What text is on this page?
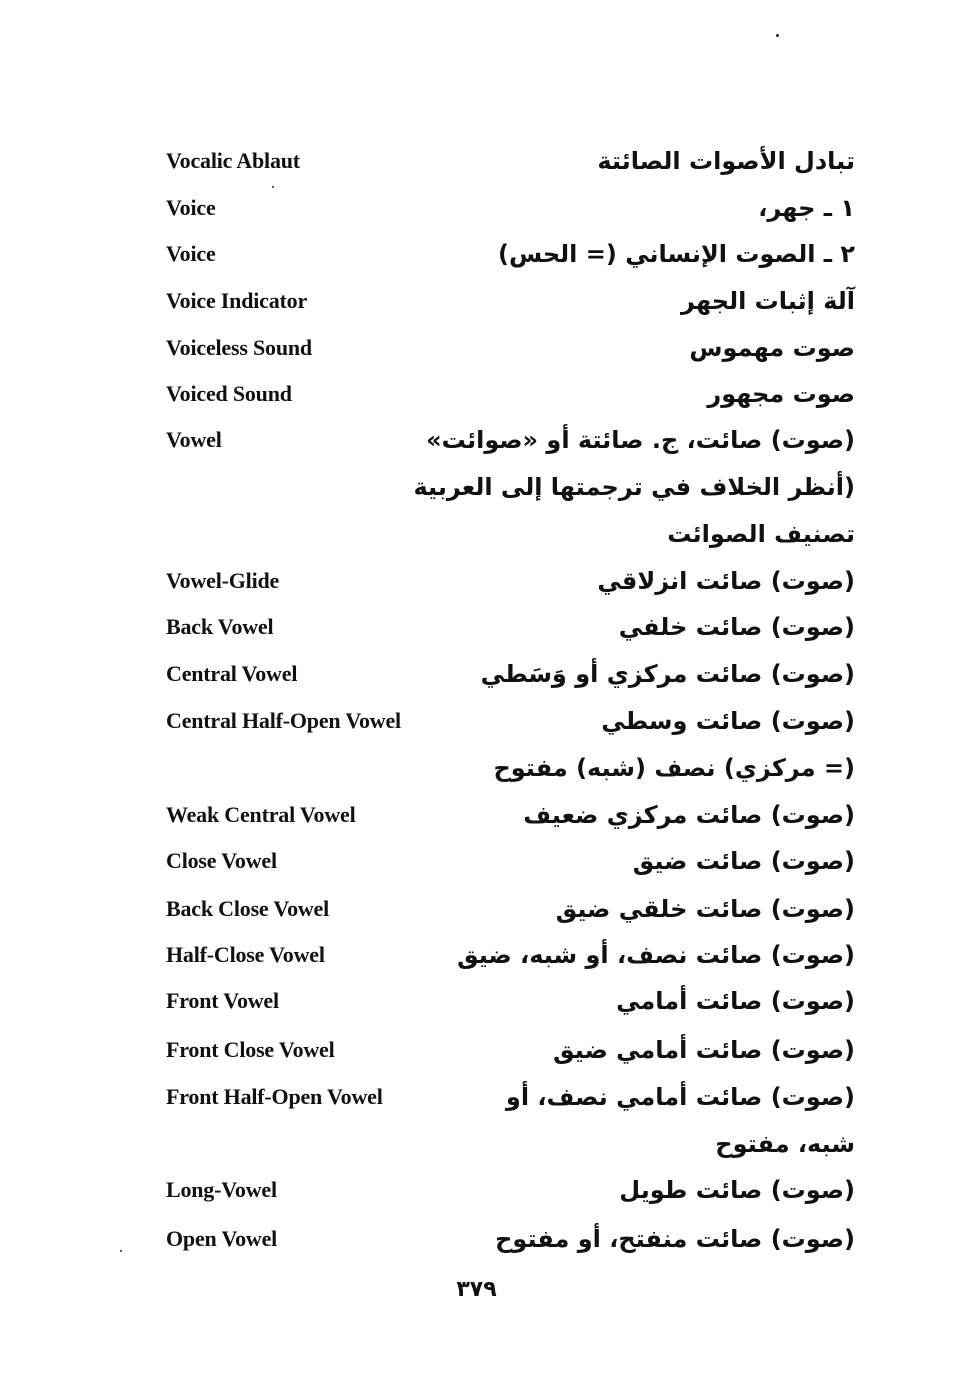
Vocalic Ablaut	تبادل الأصوات الصائتة
Voice	١ ـ جهر،
Voice	٢ ـ الصوت الإنساني (= الحس)
Voice Indicator	آلة إثبات الجهر
Voiceless Sound	صوت مهموس
Voiced Sound	صوت مجهور
Vowel	(صوت) صائت، ج. صائتة أو «صوائت»
(أنظر الخلاف في ترجمتها إلى العربية
تصنيف الصوائت
Vowel-Glide	(صوت) صائت انزلاقي
Back Vowel	(صوت) صائت خلفي
Central Vowel	(صوت) صائت مركزي أو وَسَطي
Central Half-Open Vowel	(صوت) صائت وسطي
(= مركزي) نصف (شبه) مفتوح
Weak Central Vowel	(صوت) صائت مركزي ضعيف
Close Vowel	(صوت) صائت ضيق
Back Close Vowel	(صوت) صائت خلقي ضيق
Half-Close Vowel	(صوت) صائت نصف، أو شبه، ضيق
Front Vowel	(صوت) صائت أمامي
Front Close Vowel	(صوت) صائت أمامي ضيق
Front Half-Open Vowel	(صوت) صائت أمامي نصف، أو
شبه، مفتوح
Long-Vowel	(صوت) صائت طويل
Open Vowel	(صوت) صائت منفتح، أو مفتوح
٣٧٩
